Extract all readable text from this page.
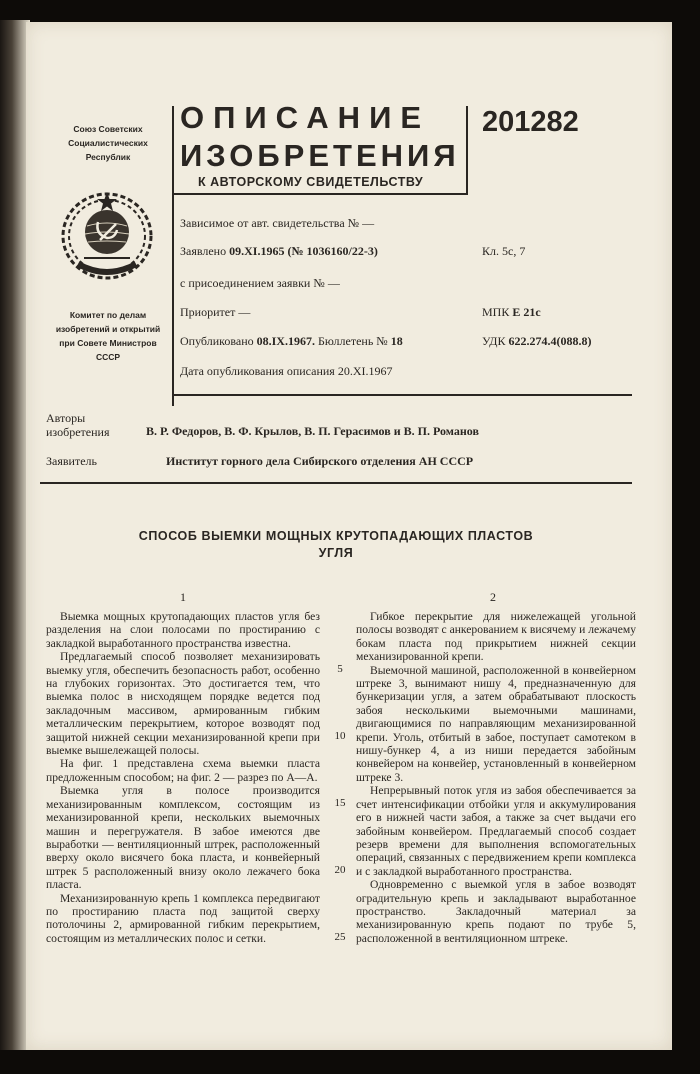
Союз Советских
Социалистических
Республик
Комитет по делам
изобретений и открытий
при Совете Министров
СССР
ОПИСАНИЕ
ИЗОБРЕТЕНИЯ
К АВТОРСКОМУ СВИДЕТЕЛЬСТВУ
201282
Зависимое от авт. свидетельства № —
Заявлено 09.XI.1965 (№ 1036160/22-3)	Кл. 5с, 7
с присоединением заявки № —
Приоритет —	МПК E 21с
Опубликовано 08.IX.1967. Бюллетень № 18	УДК 622.274.4(088.8)
Дата опубликования описания 20.XI.1967
Авторы
изобретения	В. Р. Федоров, В. Ф. Крылов, В. П. Герасимов и В. П. Романов
Заявитель	Институт горного дела Сибирского отделения АН СССР
СПОСОБ ВЫЕМКИ МОЩНЫХ КРУТОПАДАЮЩИХ ПЛАСТОВ
УГЛЯ
1	2

Выемка мощных крутопадающих пластов угля без разделения на слои полосами по простиранию с закладкой выработанного пространства известна.

Предлагаемый способ позволяет механизировать выемку угля, обеспечить безопасность работ, особенно на глубоких горизонтах. Это достигается тем, что выемка полос в нисходящем порядке ведется под закладочным массивом, армированным гибким металлическим перекрытием, которое возводят под защитой нижней секции механизированной крепи при выемке вышележащей полосы.

На фиг. 1 представлена схема выемки пласта предложенным способом; на фиг. 2 — разрез по А—А.

Выемка угля в полосе производится механизированным комплексом, состоящим из механизированной крепи, нескольких выемочных машин и перегружателя. В забое имеются две выработки — вентиляционный штрек, расположенный вверху около висячего бока пласта, и конвейерный штрек 5 расположенный внизу около лежачего бока пласта.

Механизированную крепь 1 комплекса передвигают по простиранию пласта под защитой сверху потолочины 2, армированной гибким перекрытием, состоящим из металлических полос и сетки.

5
10
15
20
25

Гибкое перекрытие для нижележащей угольной полосы возводят с анкерованием к висячему и лежачему бокам пласта под прикрытием нижней секции механизированной крепи.

Выемочной машиной, расположенной в конвейерном штреке 3, вынимают нишу 4, предназначенную для бункеризации угля, а затем обрабатывают плоскость забоя несколькими выемочными машинами, двигающимися по направляющим механизированной крепи. Уголь, отбитый в забое, поступает самотеком в нишу-бункер 4, а из ниши передается забойным конвейером на конвейер, установленный в конвейерном штреке 3.

Непрерывный поток угля из забоя обеспечивается за счет интенсификации отбойки угля и аккумулирования его в нижней части забоя, а также за счет выдачи его забойным конвейером. Предлагаемый способ создает резерв времени для выполнения вспомогательных операций, связанных с передвижением крепи комплекса и с закладкой выработанного пространства.

Одновременно с выемкой угля в забое возводят оградительную крепь и закладывают выработанное пространство. Закладочный материал за механизированную крепь подают по трубе 5, расположенной в вентиляционном штреке.
